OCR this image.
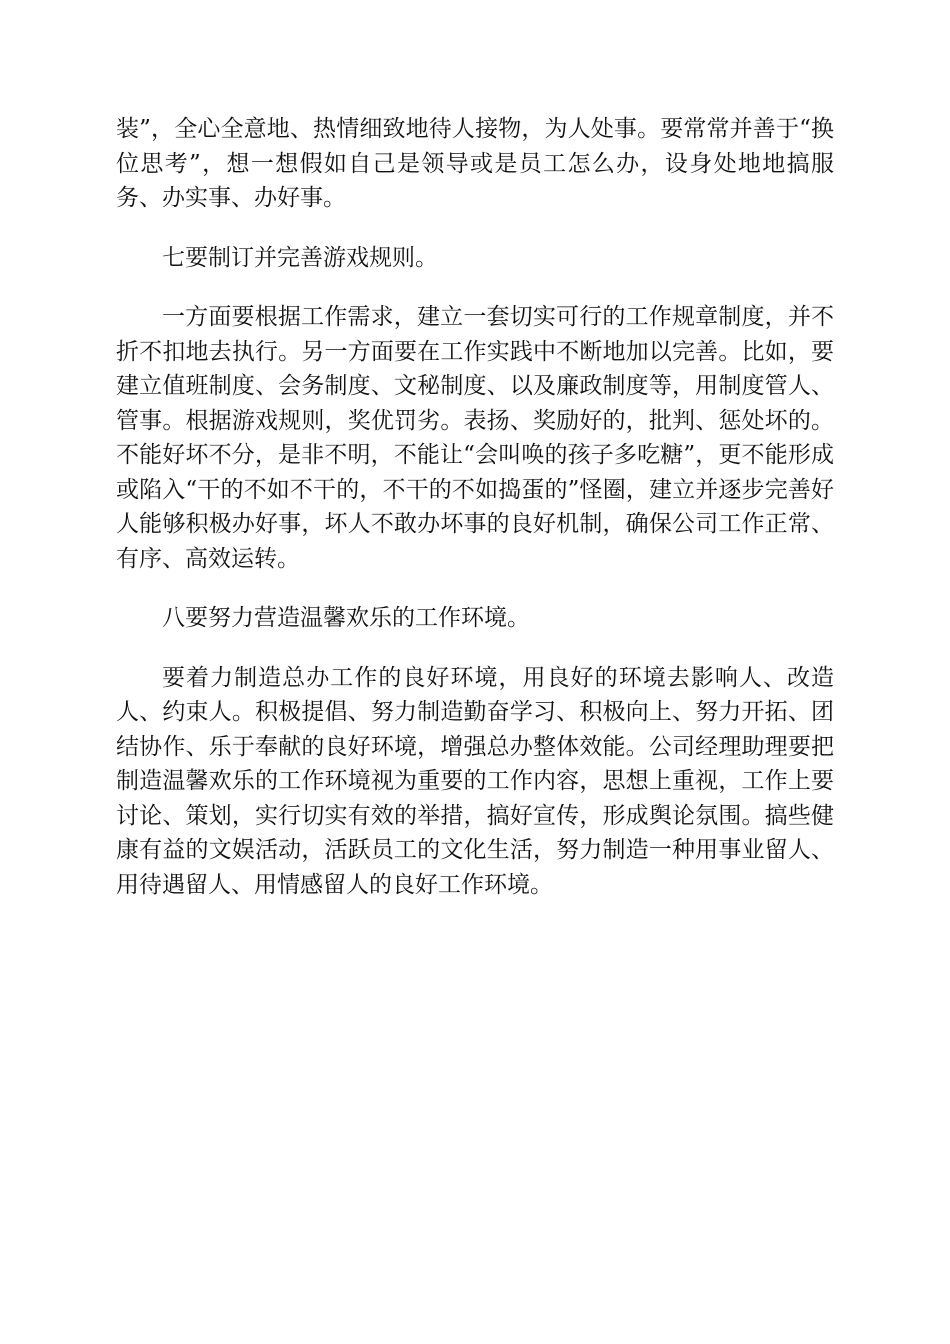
装”，全心全意地、热情细致地待人接物，为人处事。要常常并善于“换位思考”，想一想假如自己是领导或是员工怎么办，设身处地地搞服务、办实事、办好事。

七要制订并完善游戏规则。

一方面要根据工作需求，建立一套切实可行的工作规章制度，并不折不扣地去执行。另一方面要在工作实践中不断地加以完善。比如，要建立值班制度、会务制度、文秘制度、以及廉政制度等，用制度管人、管事。根据游戏规则，奖优罚劣。表扬、奖励好的，批判、惩处坏的。不能好坏不分，是非不明，不能让“会叫唤的孩子多吃糖”，更不能形成或陷入“干的不如不干的，不干的不如捣蛋的”怪圈，建立并逐步完善好人能够积极办好事，坏人不敢办坏事的良好机制，确保公司工作正常、有序、高效运转。

八要努力营造温馨欢乐的工作环境。

要着力制造总办工作的良好环境，用良好的环境去影响人、改造人、约束人。积极提倡、努力制造勤奋学习、积极向上、努力开拓、团结协作、乐于奉献的良好环境，增强总办整体效能。公司经理助理要把制造温馨欢乐的工作环境视为重要的工作内容，思想上重视，工作上要讨论、策划，实行切实有效的举措，搞好宣传，形成舆论氛围。搞些健康有益的文娱活动，活跃员工的文化生活，努力制造一种用事业留人、用待遇留人、用情感留人的良好工作环境。
